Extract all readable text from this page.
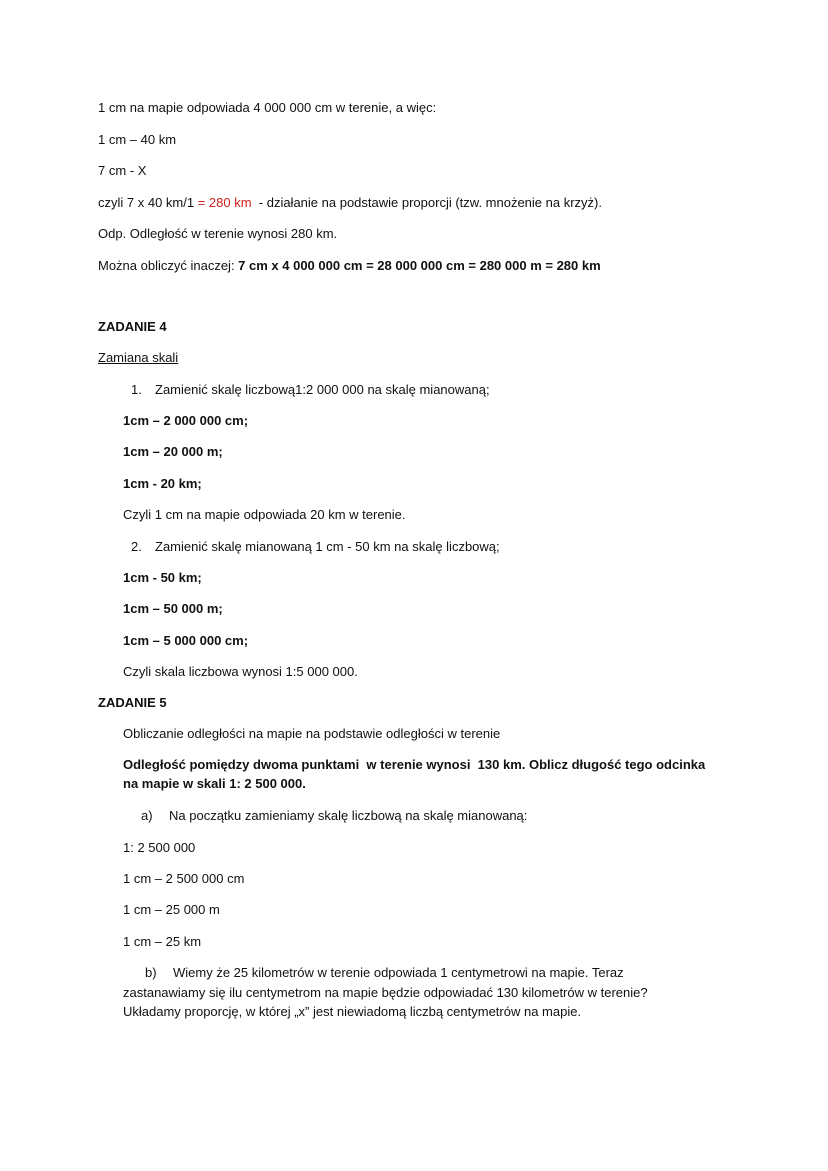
1 cm na mapie odpowiada 4 000 000 cm w terenie, a więc:
1 cm – 40 km
7 cm - X
czyli 7 x 40 km/1 = 280 km  - działanie na podstawie proporcji (tzw. mnożenie na krzyż).
Odp. Odległość w terenie wynosi 280 km.
Można obliczyć inaczej: 7 cm x 4 000 000 cm = 28 000 000 cm = 280 000 m = 280 km
ZADANIE 4
Zamiana skali
1. Zamienić skalę liczbową1:2 000 000 na skalę mianowaną;
1cm – 2 000 000 cm;
1cm – 20 000 m;
1cm - 20 km;
Czyli 1 cm na mapie odpowiada 20 km w terenie.
2. Zamienić skalę mianowaną 1 cm - 50 km na skalę liczbową;
1cm - 50 km;
1cm – 50 000 m;
1cm – 5 000 000 cm;
Czyli skala liczbowa wynosi 1:5 000 000.
ZADANIE 5
Obliczanie odległości na mapie na podstawie odległości w terenie
Odległość pomiędzy dwoma punktami  w terenie wynosi  130 km. Oblicz długość tego odcinka
na mapie w skali 1: 2 500 000.
a) Na początku zamieniamy skalę liczbową na skalę mianowaną:
1: 2 500 000
1 cm – 2 500 000 cm
1 cm – 25 000 m
1 cm – 25 km
b) Wiemy że 25 kilometrów w terenie odpowiada 1 centymetrowi na mapie. Teraz
zastanawiamy się ilu centymetrom na mapie będzie odpowiadać 130 kilometrów w terenie?
Układamy proporcję, w której „x” jest niewiadomą liczbą centymetrów na mapie.
